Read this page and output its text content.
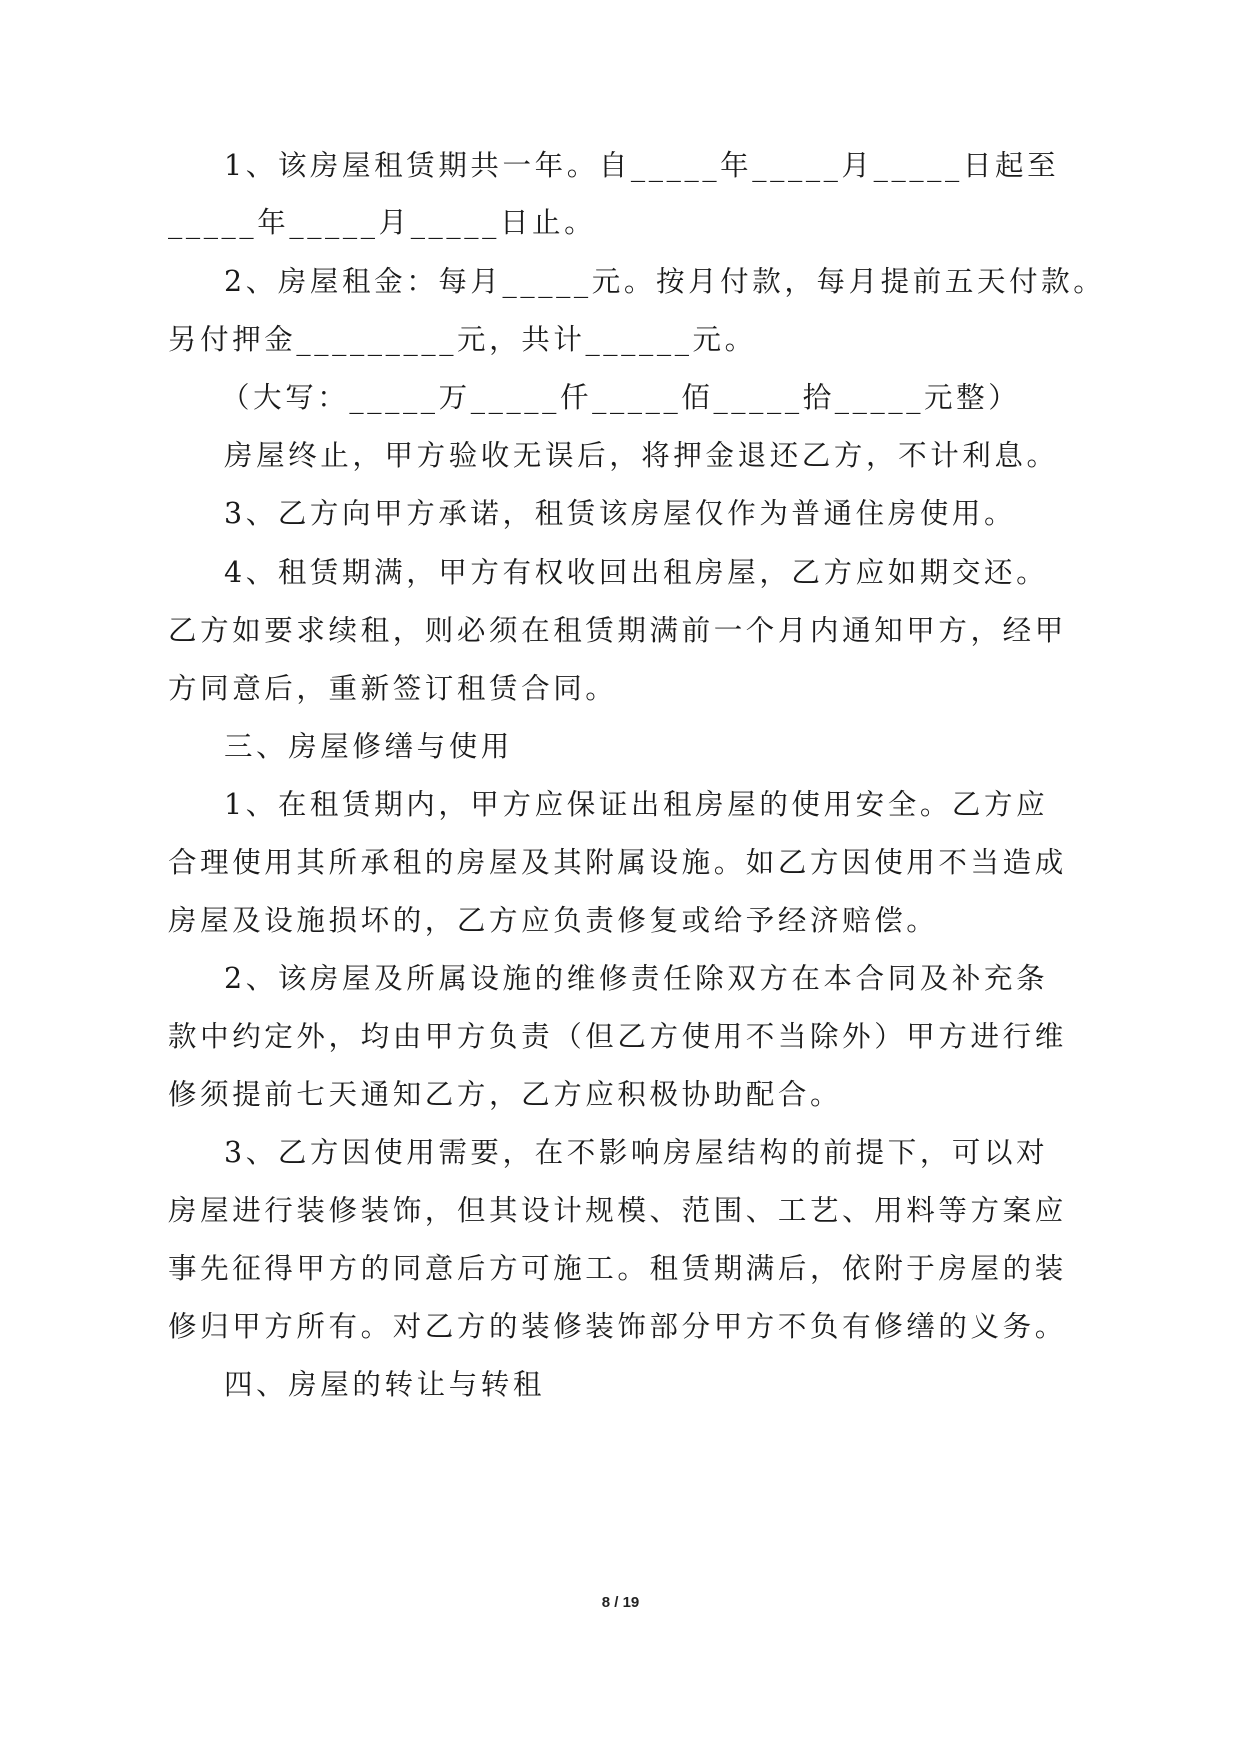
1、该房屋租赁期共一年。自_____年_____月_____日起至
_____年_____月_____日止。
2、房屋租金：每月_____元。按月付款，每月提前五天付款。
另付押金_________元，共计______元。
（大写：_____万_____仟_____佰_____拾_____元整）
房屋终止，甲方验收无误后，将押金退还乙方，不计利息。
3、乙方向甲方承诺，租赁该房屋仅作为普通住房使用。
4、租赁期满，甲方有权收回出租房屋，乙方应如期交还。
乙方如要求续租，则必须在租赁期满前一个月内通知甲方，经甲
方同意后，重新签订租赁合同。
三、房屋修缮与使用
1、在租赁期内，甲方应保证出租房屋的使用安全。乙方应
合理使用其所承租的房屋及其附属设施。如乙方因使用不当造成
房屋及设施损坏的，乙方应负责修复或给予经济赔偿。
2、该房屋及所属设施的维修责任除双方在本合同及补充条
款中约定外，均由甲方负责（但乙方使用不当除外）甲方进行维
修须提前七天通知乙方，乙方应积极协助配合。
3、乙方因使用需要，在不影响房屋结构的前提下，可以对
房屋进行装修装饰，但其设计规模、范围、工艺、用料等方案应
事先征得甲方的同意后方可施工。租赁期满后，依附于房屋的装
修归甲方所有。对乙方的装修装饰部分甲方不负有修缮的义务。
四、房屋的转让与转租
8 / 19
